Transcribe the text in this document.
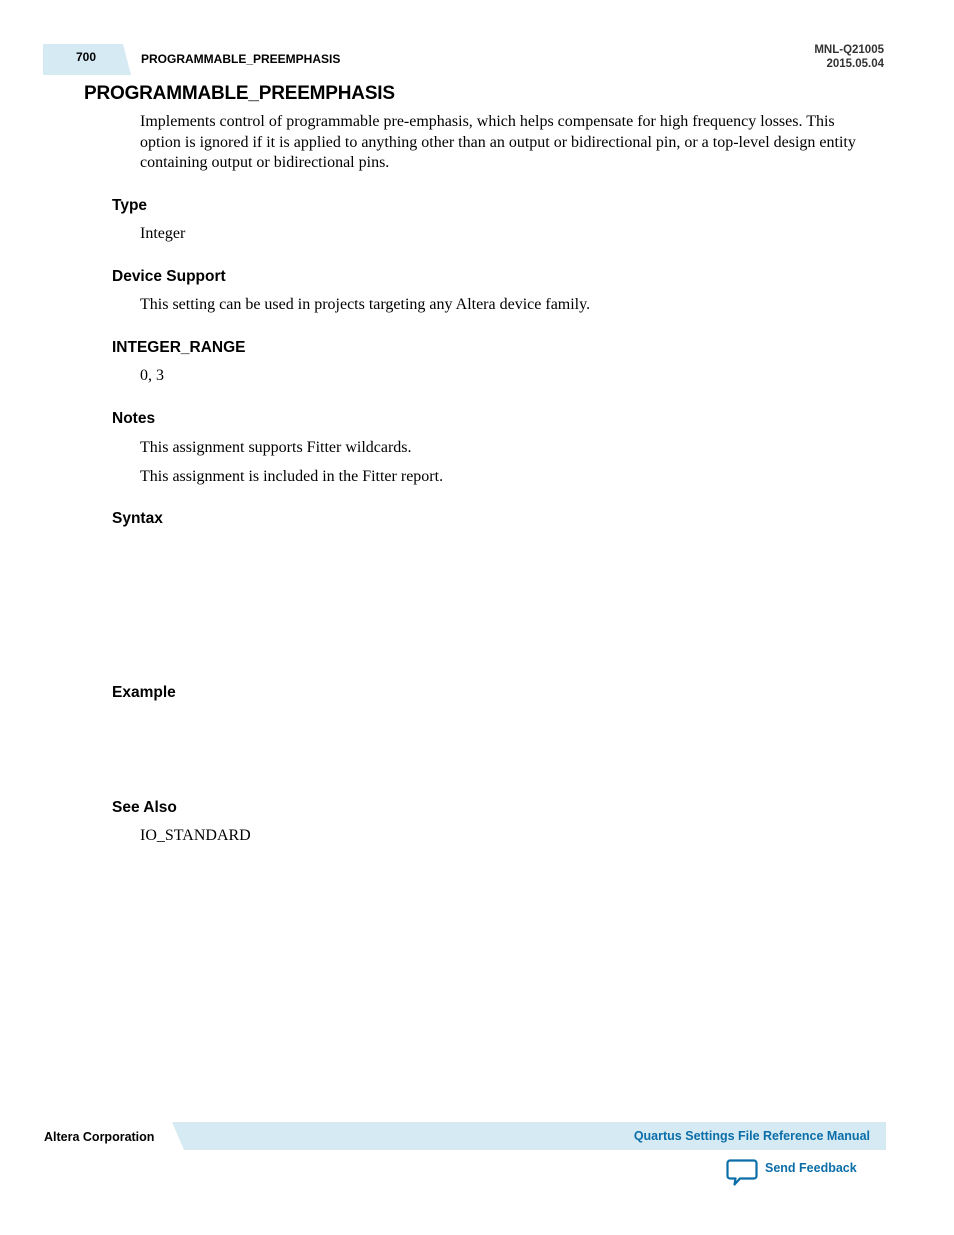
700	PROGRAMMABLE_PREEMPHASIS
MNL-Q21005
2015.05.04
PROGRAMMABLE_PREEMPHASIS

Implements control of programmable pre-emphasis, which helps compensate for high frequency losses. This option is ignored if it is applied to anything other than an output or bidirectional pin, or a top-level design entity containing output or bidirectional pins.

Type

Integer

Device Support

This setting can be used in projects targeting any Altera device family.

INTEGER_RANGE

0, 3

Notes

This assignment supports Fitter wildcards.

This assignment is included in the Fitter report.

Syntax
Example
See Also

IO_STANDARD

Altera Corporation	Quartus Settings File Reference Manual
Send Feedback
